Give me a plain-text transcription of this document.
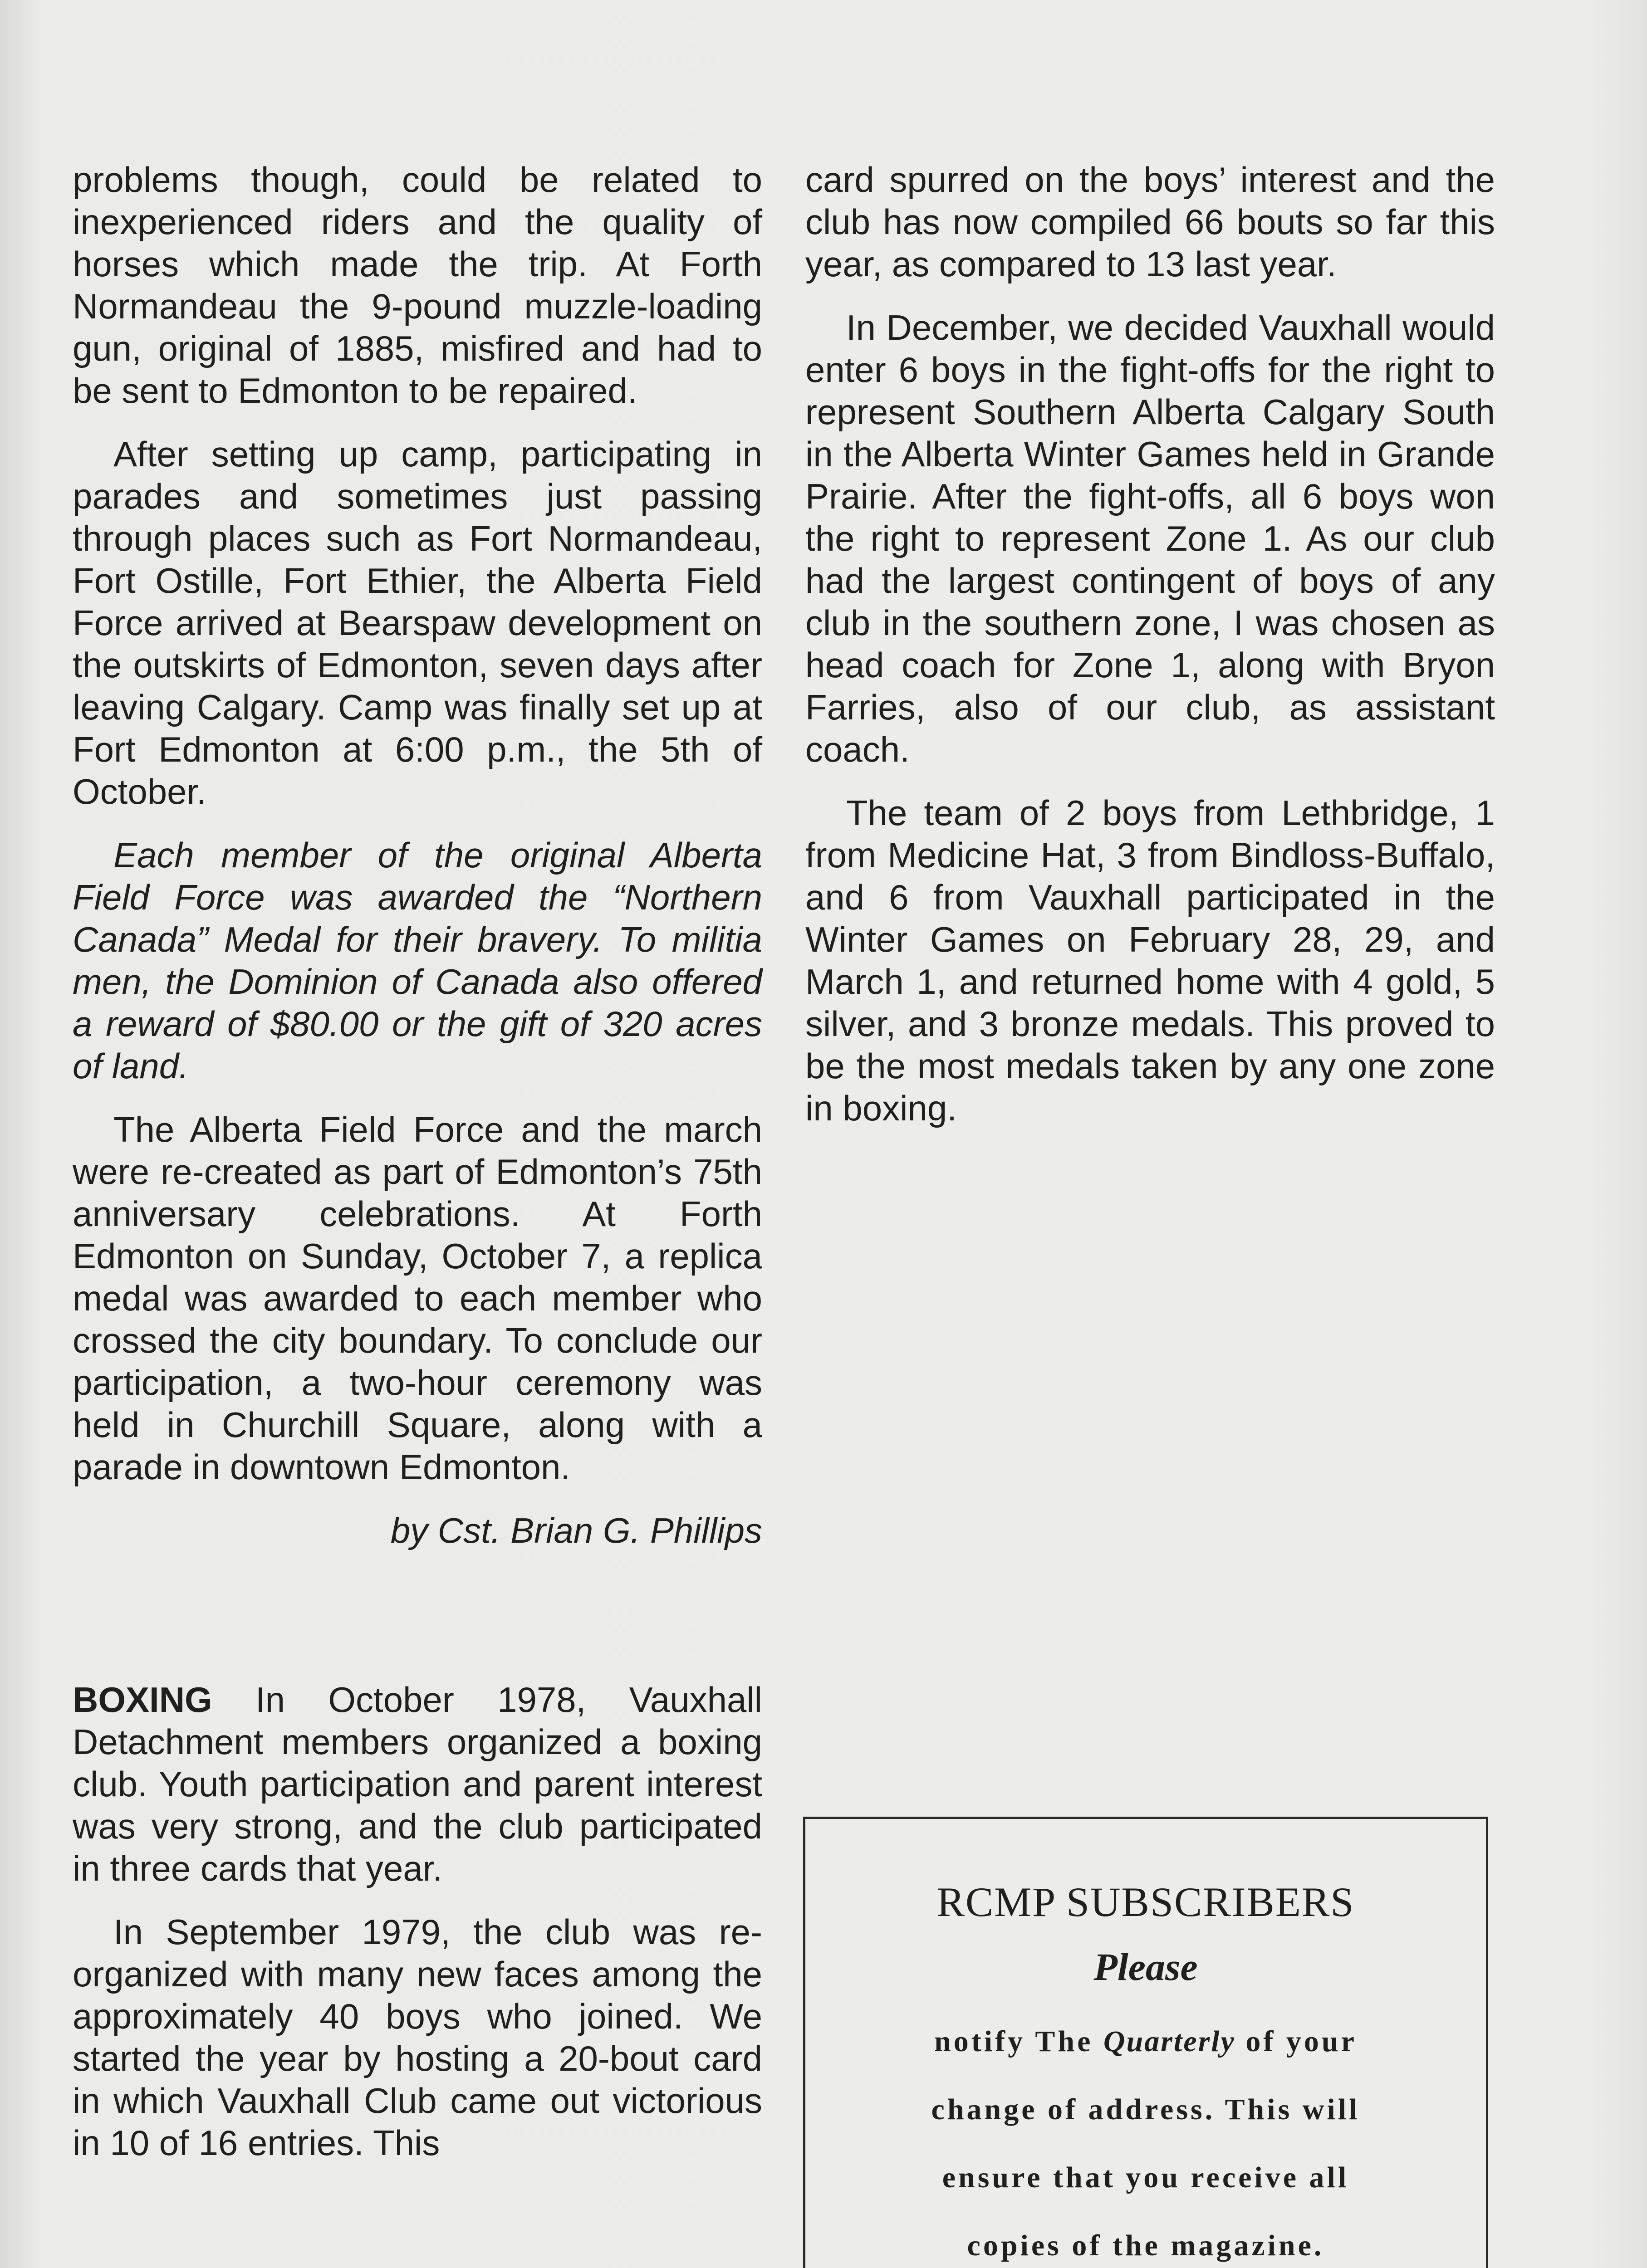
problems though, could be related to inexperienced riders and the quality of horses which made the trip. At Forth Normandeau the 9-pound muzzle-loading gun, original of 1885, misfired and had to be sent to Edmonton to be repaired.

After setting up camp, participating in parades and sometimes just passing through places such as Fort Normandeau, Fort Ostille, Fort Ethier, the Alberta Field Force arrived at Bearspaw development on the outskirts of Edmonton, seven days after leaving Calgary. Camp was finally set up at Fort Edmonton at 6:00 p.m., the 5th of October.

Each member of the original Alberta Field Force was awarded the “Northern Canada” Medal for their bravery. To militia men, the Dominion of Canada also offered a reward of $80.00 or the gift of 320 acres of land.

The Alberta Field Force and the march were re-created as part of Edmonton’s 75th anniversary celebrations. At Forth Edmonton on Sunday, October 7, a replica medal was awarded to each member who crossed the city boundary. To conclude our participation, a two-hour ceremony was held in Churchill Square, along with a parade in downtown Edmonton.

by Cst. Brian G. Phillips

BOXING In October 1978, Vauxhall Detachment members organized a boxing club. Youth participation and parent interest was very strong, and the club participated in three cards that year.

In September 1979, the club was re-organized with many new faces among the approximately 40 boys who joined. We started the year by hosting a 20-bout card in which Vauxhall Club came out victorious in 10 of 16 entries. This

card spurred on the boys’ interest and the club has now compiled 66 bouts so far this year, as compared to 13 last year.

In December, we decided Vauxhall would enter 6 boys in the fight-offs for the right to represent Southern Alberta Calgary South in the Alberta Winter Games held in Grande Prairie. After the fight-offs, all 6 boys won the right to represent Zone 1. As our club had the largest contingent of boys of any club in the southern zone, I was chosen as head coach for Zone 1, along with Bryon Farries, also of our club, as assistant coach.

The team of 2 boys from Lethbridge, 1 from Medicine Hat, 3 from Bindloss-Buffalo, and 6 from Vauxhall participated in the Winter Games on February 28, 29, and March 1, and returned home with 4 gold, 5 silver, and 3 bronze medals. This proved to be the most medals taken by any one zone in boxing.

RCMP SUBSCRIBERS
Please
notify The Quarterly of your
change of address. This will
ensure that you receive all
copies of the magazine.
